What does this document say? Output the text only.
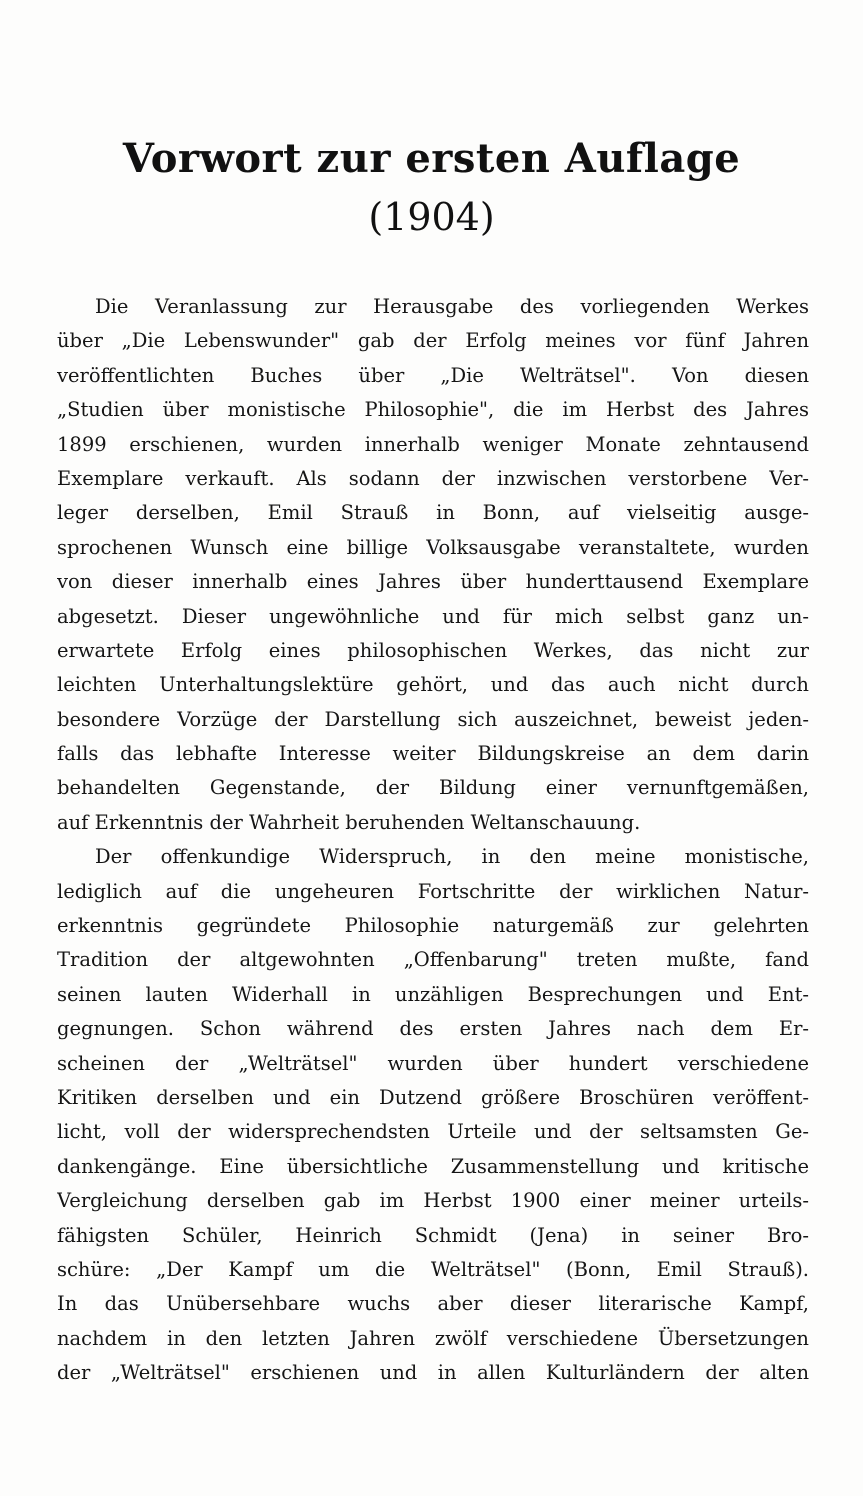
Vorwort zur ersten Auflage
(1904)
Die Veranlassung zur Herausgabe des vorliegenden Werkes
über „Die Lebenswunder" gab der Erfolg meines vor fünf Jahren
veröffentlichten Buches über „Die Welträtsel". Von diesen
„Studien über monistische Philosophie", die im Herbst des Jahres
1899 erschienen, wurden innerhalb weniger Monate zehntausend
Exemplare verkauft. Als sodann der inzwischen verstorbene Ver-
leger derselben, Emil Strauß in Bonn, auf vielseitig ausge-
sprochenen Wunsch eine billige Volksausgabe veranstaltete, wurden
von dieser innerhalb eines Jahres über hunderttausend Exemplare
abgesetzt. Dieser ungewöhnliche und für mich selbst ganz un-
erwartete Erfolg eines philosophischen Werkes, das nicht zur
leichten Unterhaltungslektüre gehört, und das auch nicht durch
besondere Vorzüge der Darstellung sich auszeichnet, beweist jeden-
falls das lebhafte Interesse weiter Bildungskreise an dem darin
behandelten Gegenstande, der Bildung einer vernunftgemäßen,
auf Erkenntnis der Wahrheit beruhenden Weltanschauung.
Der offenkundige Widerspruch, in den meine monistische,
lediglich auf die ungeheuren Fortschritte der wirklichen Natur-
erkenntnis gegründete Philosophie naturgemäß zur gelehrten
Tradition der altgewohnten „Offenbarung" treten mußte, fand
seinen lauten Widerhall in unzähligen Besprechungen und Ent-
gegnungen. Schon während des ersten Jahres nach dem Er-
scheinen der „Welträtsel" wurden über hundert verschiedene
Kritiken derselben und ein Dutzend größere Broschüren veröffent-
licht, voll der widersprechendsten Urteile und der seltsamsten Ge-
dankengänge. Eine übersichtliche Zusammenstellung und kritische
Vergleichung derselben gab im Herbst 1900 einer meiner urteils-
fähigsten Schüler, Heinrich Schmidt (Jena) in seiner Bro-
schüre: „Der Kampf um die Welträtsel" (Bonn, Emil Strauß).
In das Unübersehbare wuchs aber dieser literarische Kampf,
nachdem in den letzten Jahren zwölf verschiedene Übersetzungen
der „Welträtsel" erschienen und in allen Kulturländern der alten
